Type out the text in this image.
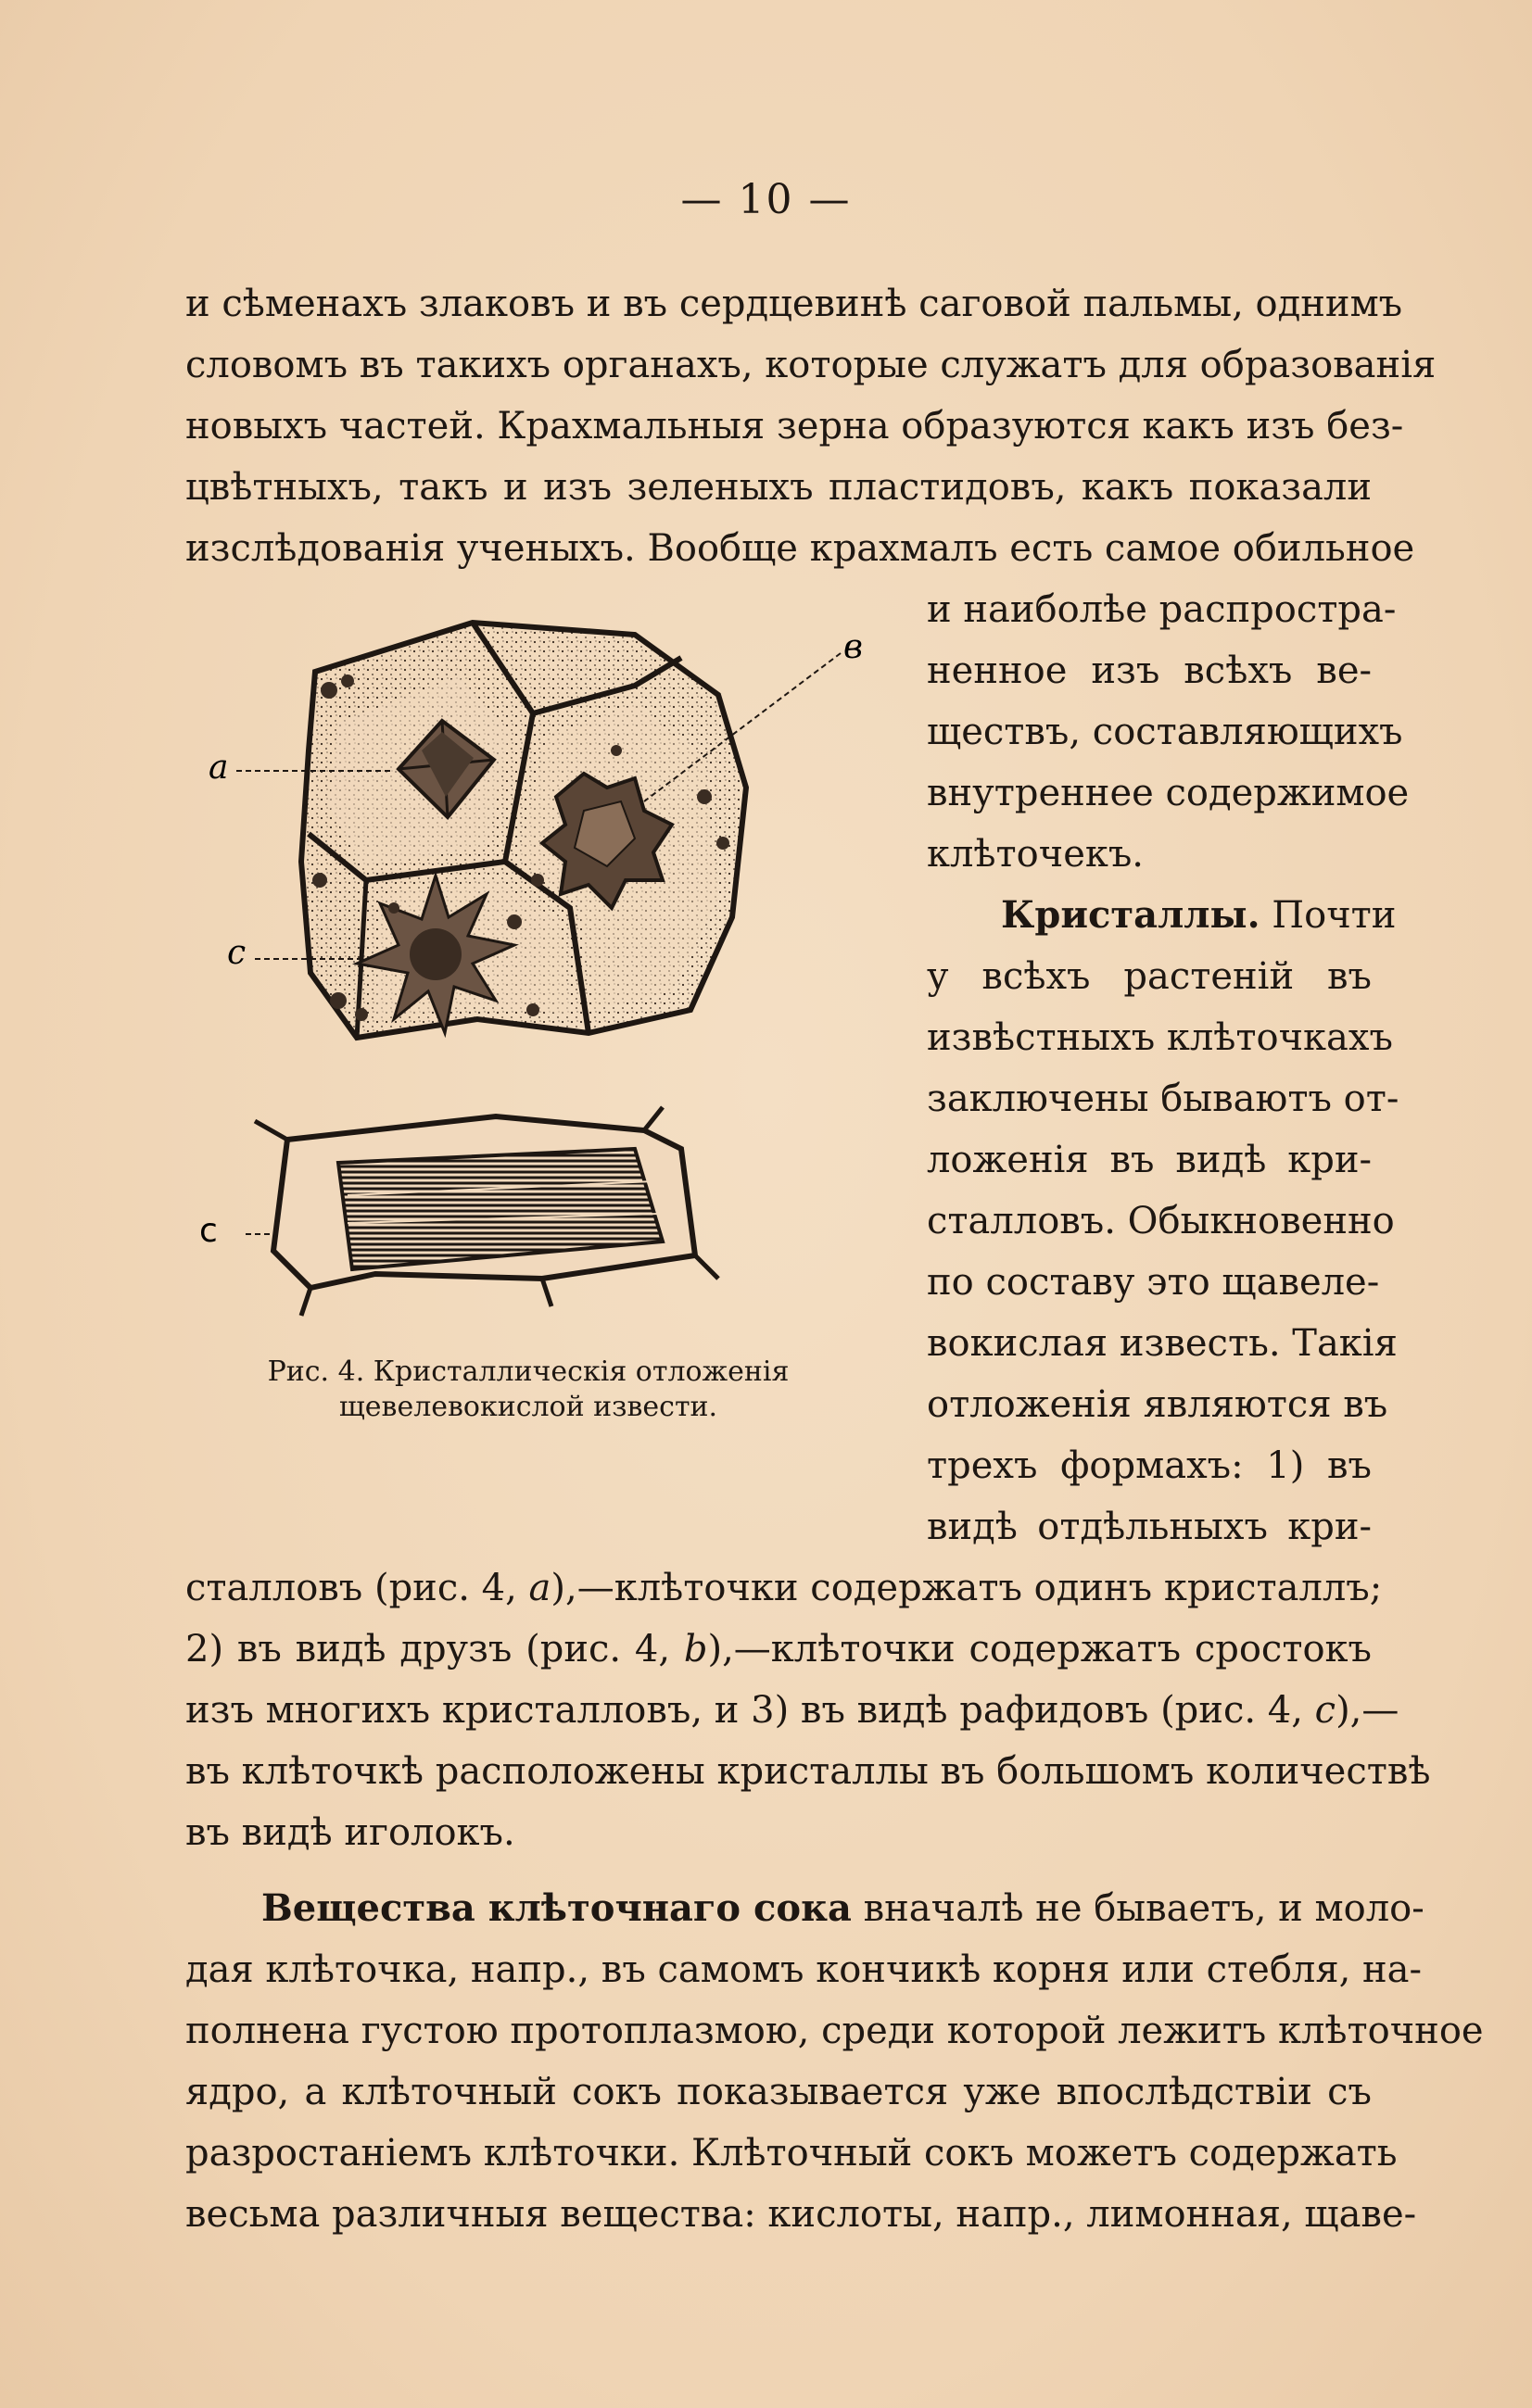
— 10 —
и сѣменахъ злаковъ и въ сердцевинѣ саговой пальмы, однимъ
словомъ въ такихъ органахъ, которые служатъ для образованія
новыхъ частей. Крахмальныя зерна образуются какъ изъ без-
цвѣтныхъ, такъ и изъ зеленыхъ пластидовъ, какъ показали
изслѣдованія ученыхъ. Вообще крахмалъ есть самое обильное
и наиболѣе распростра-
ненное изъ всѣхъ ве-
ществъ, составляющихъ
внутреннее содержимое
клѣточекъ.
Кристаллы. Почти
у всѣхъ растеній въ
извѣстныхъ клѣточкахъ
заключены бываютъ от-
ложенія въ видѣ кри-
сталловъ. Обыкновенно
по составу это щавеле-
вокислая известь. Такія
отложенія являются въ
трехъ формахъ: 1) въ
видѣ отдѣльныхъ кри-
сталловъ (рис. 4, a),—клѣточки содержатъ одинъ кристаллъ;
2) въ видѣ друзъ (рис. 4, b),—клѣточки содержатъ сростокъ
изъ многихъ кристалловъ, и 3) въ видѣ рафидовъ (рис. 4, c),—
въ клѣточкѣ расположены кристаллы въ большомъ количествѣ
въ видѣ иголокъ.
Вещества клѣточнаго сока вначалѣ не бываетъ, и моло-
дая клѣточка, напр., въ самомъ кончикѣ корня или стебля, на-
полнена густою протоплазмою, среди которой лежитъ клѣточное
ядро, а клѣточный сокъ показывается уже впослѣдствіи съ
разростаніемъ клѣточки. Клѣточный сокъ можетъ содержать
весьма различныя вещества: кислоты, напр., лимонная, щаве-
a
в
c
c
Рис. 4. Кристаллическія отложенія
щевелевокислой извести.
